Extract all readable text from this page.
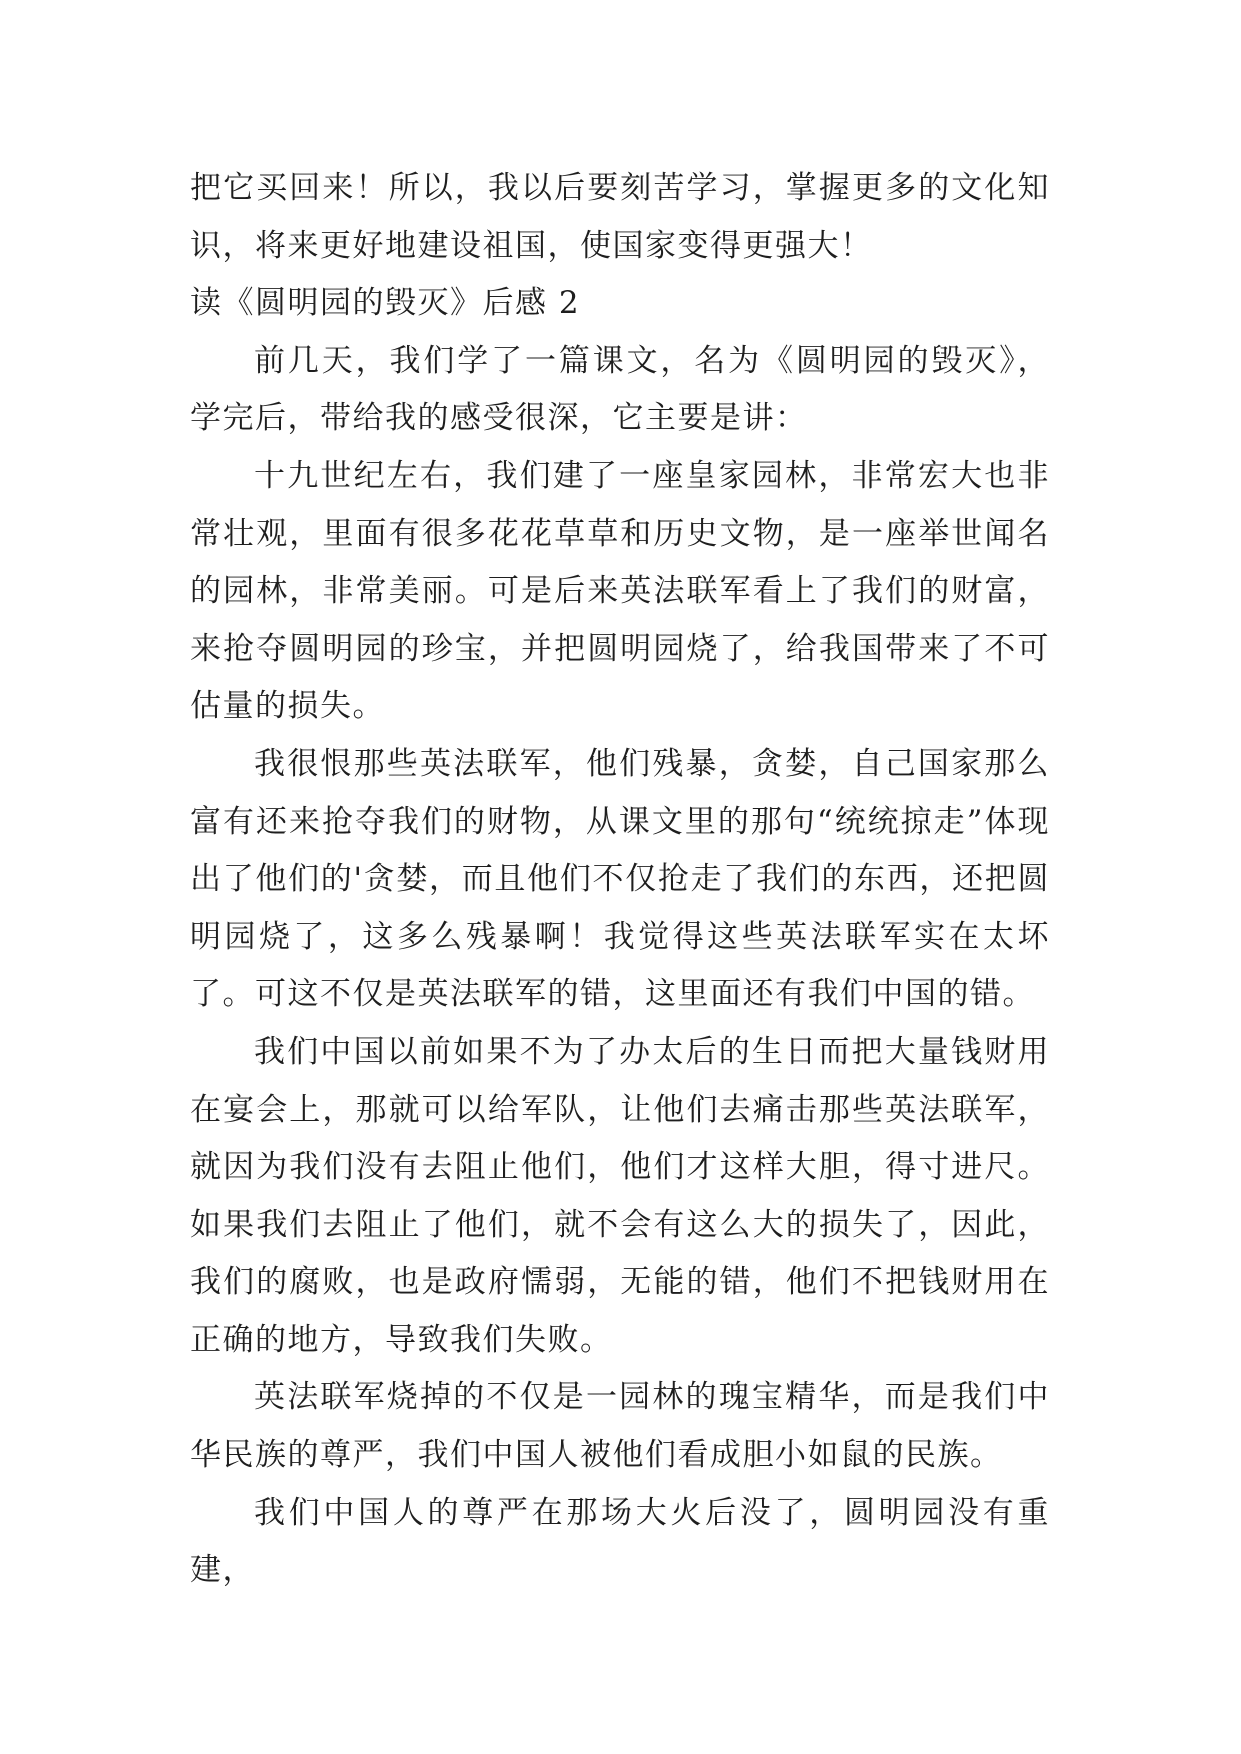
把它买回来！所以，我以后要刻苦学习，掌握更多的文化知识，将来更好地建设祖国，使国家变得更强大！

读《圆明园的毁灭》后感 2

前几天，我们学了一篇课文，名为《圆明园的毁灭》，学完后，带给我的感受很深，它主要是讲：

十九世纪左右，我们建了一座皇家园林，非常宏大也非常壮观，里面有很多花花草草和历史文物，是一座举世闻名的园林，非常美丽。可是后来英法联军看上了我们的财富，来抢夺圆明园的珍宝，并把圆明园烧了，给我国带来了不可估量的损失。

我很恨那些英法联军，他们残暴，贪婪，自己国家那么富有还来抢夺我们的财物，从课文里的那句“统统掠走”体现出了他们的'贪婪，而且他们不仅抢走了我们的东西，还把圆明园烧了，这多么残暴啊！我觉得这些英法联军实在太坏了。可这不仅是英法联军的错，这里面还有我们中国的错。

我们中国以前如果不为了办太后的生日而把大量钱财用在宴会上，那就可以给军队，让他们去痛击那些英法联军，就因为我们没有去阻止他们，他们才这样大胆，得寸进尺。如果我们去阻止了他们，就不会有这么大的损失了，因此，我们的腐败，也是政府懦弱，无能的错，他们不把钱财用在正确的地方，导致我们失败。

英法联军烧掉的不仅是一园林的瑰宝精华，而是我们中华民族的尊严，我们中国人被他们看成胆小如鼠的民族。

我们中国人的尊严在那场大火后没了，圆明园没有重建，
